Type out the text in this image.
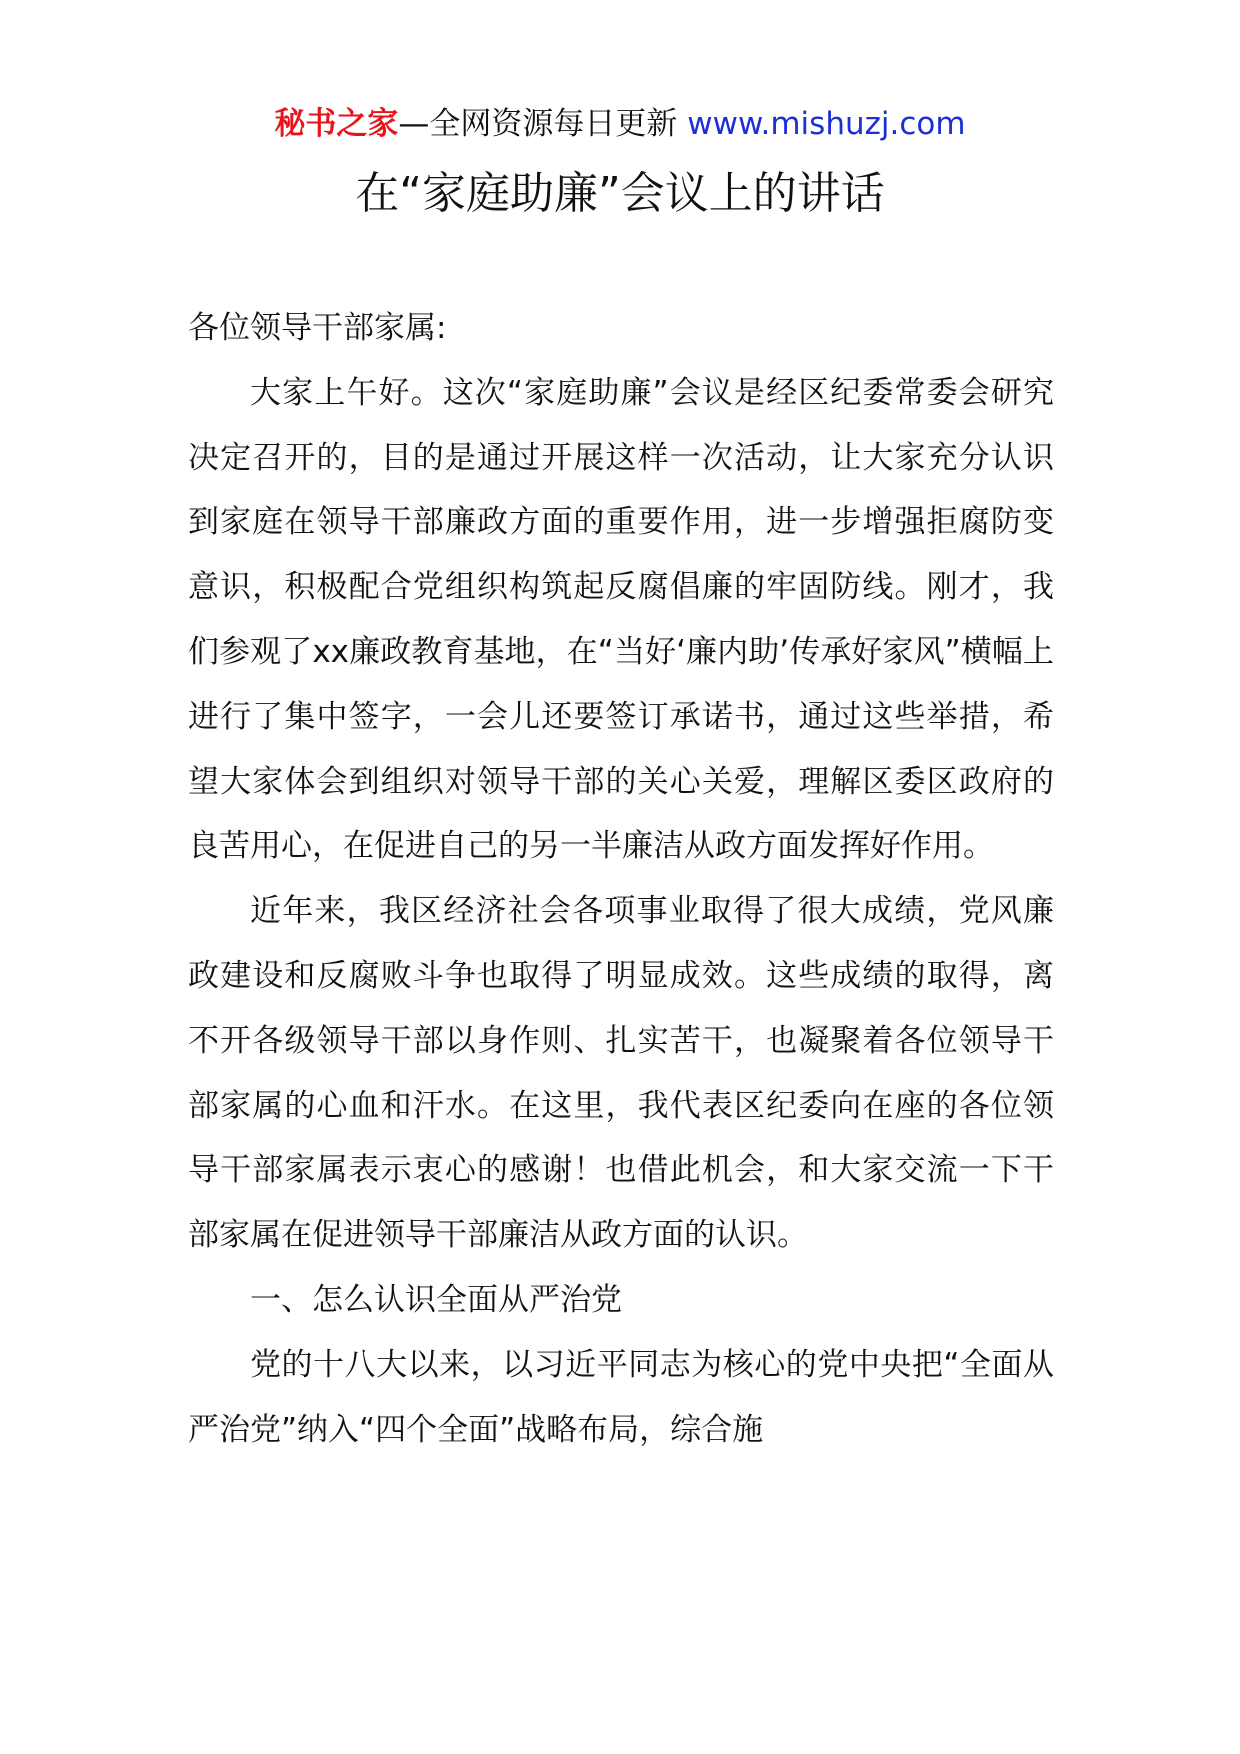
秘书之家—全网资源每日更新 www.mishuzj.com
在“家庭助廉”会议上的讲话

各位领导干部家属:

大家上午好。这次“家庭助廉”会议是经区纪委常委会研究决定召开的，目的是通过开展这样一次活动，让大家充分认识到家庭在领导干部廉政方面的重要作用，进一步增强拒腐防变意识，积极配合党组织构筑起反腐倡廉的牢固防线。刚才，我们参观了xx廉政教育基地，在“当好‘廉内助’传承好家风”横幅上进行了集中签字，一会儿还要签订承诺书，通过这些举措，希望大家体会到组织对领导干部的关心关爱，理解区委区政府的良苦用心，在促进自己的另一半廉洁从政方面发挥好作用。

近年来，我区经济社会各项事业取得了很大成绩，党风廉政建设和反腐败斗争也取得了明显成效。这些成绩的取得，离不开各级领导干部以身作则、扎实苦干，也凝聚着各位领导干部家属的心血和汗水。在这里，我代表区纪委向在座的各位领导干部家属表示衷心的感谢！也借此机会，和大家交流一下干部家属在促进领导干部廉洁从政方面的认识。

一、怎么认识全面从严治党

党的十八大以来，以习近平同志为核心的党中央把“全面从严治党”纳入“四个全面”战略布局，综合施
